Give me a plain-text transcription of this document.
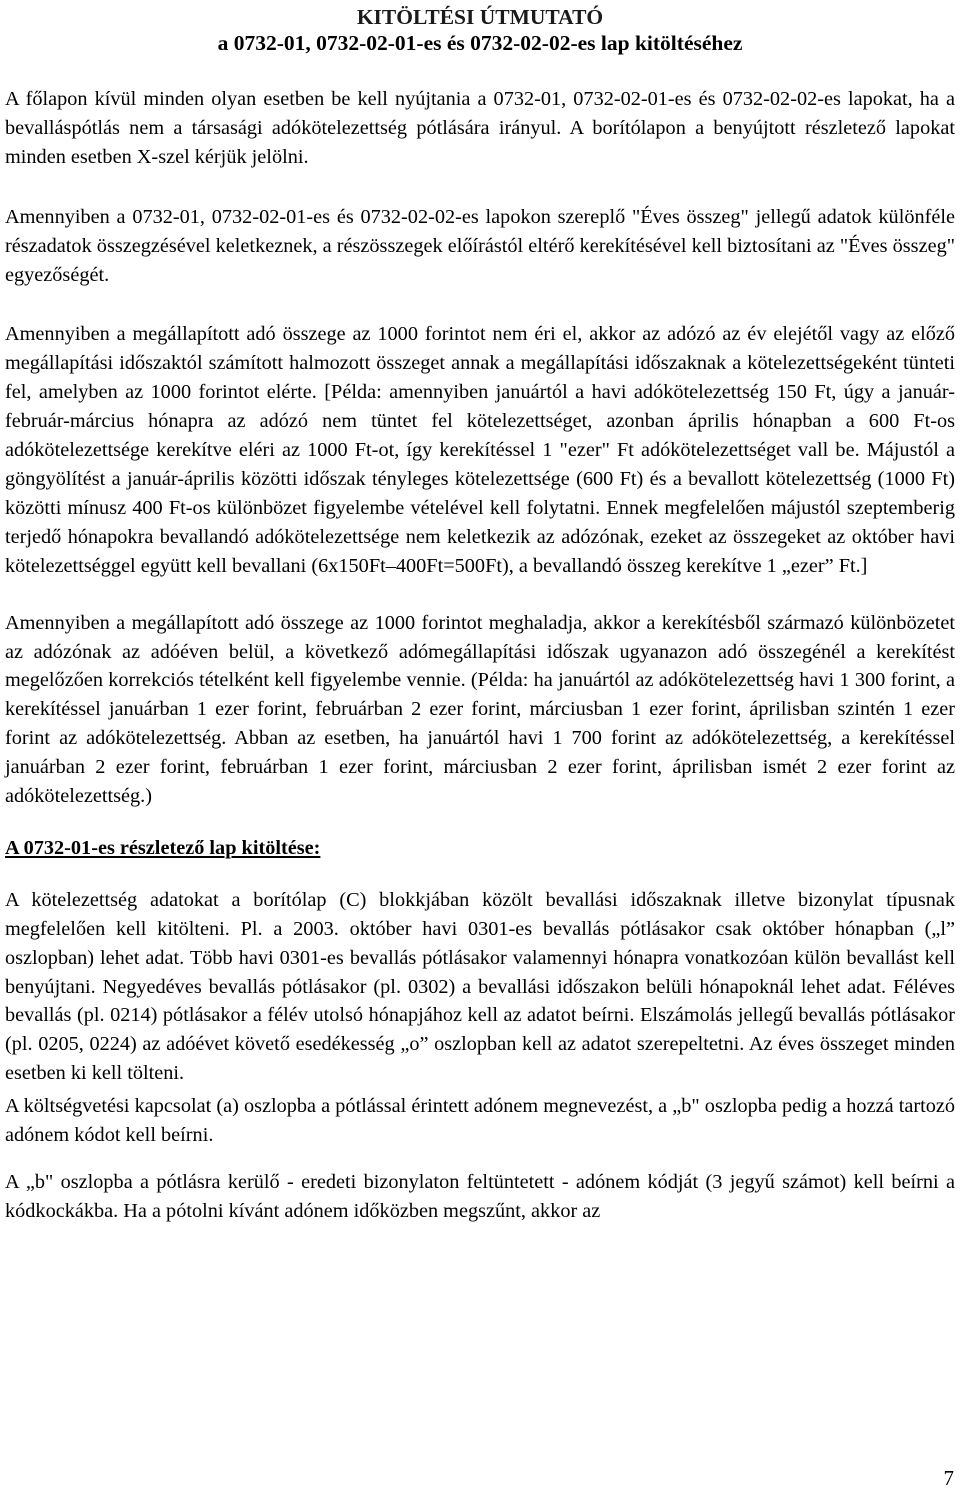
KITÖLTÉSI ÚTMUTATÓ
a 0732-01, 0732-02-01-es és 0732-02-02-es lap kitöltéséhez

A főlapon kívül minden olyan esetben be kell nyújtania a 0732-01, 0732-02-01-es és 0732-02-02-es lapokat, ha a bevalláspótlás nem a társasági adókötelezettség pótlására irányul. A borítólapon a benyújtott részletező lapokat minden esetben X-szel kérjük jelölni.

Amennyiben a 0732-01, 0732-02-01-es és 0732-02-02-es lapokon szereplő "Éves összeg" jellegű adatok különféle részadatok összegzésével keletkeznek, a részösszegek előírástól eltérő kerekítésével kell biztosítani az "Éves összeg" egyezőségét.

Amennyiben a megállapított adó összege az 1000 forintot nem éri el, akkor az adózó az év elejétől vagy az előző megállapítási időszaktól számított halmozott összeget annak a megállapítási időszaknak a kötelezettségeként tünteti fel, amelyben az 1000 forintot elérte. [Példa: amennyiben januártól a havi adókötelezettség 150 Ft, úgy a január-február-március hónapra az adózó nem tüntet fel kötelezettséget, azonban április hónapban a 600 Ft-os adókötelezettsége kerekítve eléri az 1000 Ft-ot, így kerekítéssel 1 "ezer" Ft adókötelezettséget vall be. Májustól a göngyölítést a január-április közötti időszak tényleges kötelezettsége (600 Ft) és a bevallott kötelezettség (1000 Ft) közötti mínusz 400 Ft-os különbözet figyelembe vételével kell folytatni. Ennek megfelelően májustól szeptemberig terjedő hónapokra bevallandó adókötelezettsége nem keletkezik az adózónak, ezeket az összegeket az október havi kötelezettséggel együtt kell bevallani (6x150Ft–400Ft=500Ft), a bevallandó összeg kerekítve 1 „ezer” Ft.]

Amennyiben a megállapított adó összege az 1000 forintot meghaladja, akkor a kerekítésből származó különbözetet az adózónak az adóéven belül, a következő adómegállapítási időszak ugyanazon adó összegénél a kerekítést megelőzően korrekciós tételként kell figyelembe vennie. (Példa: ha januártól az adókötelezettség havi 1 300 forint, a kerekítéssel januárban 1 ezer forint, februárban 2 ezer forint, márciusban 1 ezer forint, áprilisban szintén 1 ezer forint az adókötelezettség. Abban az esetben, ha januártól havi 1 700 forint az adókötelezettség, a kerekítéssel januárban 2 ezer forint, februárban 1 ezer forint, márciusban 2 ezer forint, áprilisban ismét 2 ezer forint az adókötelezettség.)

A 0732-01-es részletező lap kitöltése:

A kötelezettség adatokat a borítólap (C) blokkjában közölt bevallási időszaknak illetve bizonylat típusnak megfelelően kell kitölteni. Pl. a 2003. október havi 0301-es bevallás pótlásakor csak október hónapban („l” oszlopban) lehet adat. Több havi 0301-es bevallás pótlásakor valamennyi hónapra vonatkozóan külön bevallást kell benyújtani. Negyedéves bevallás pótlásakor (pl. 0302) a bevallási időszakon belüli hónapoknál lehet adat. Féléves bevallás (pl. 0214) pótlásakor a félév utolsó hónapjához kell az adatot beírni. Elszámolás jellegű bevallás pótlásakor (pl. 0205, 0224) az adóévet követő esedékesség „o” oszlopban kell az adatot szerepeltetni. Az éves összeget minden esetben ki kell tölteni.

A költségvetési kapcsolat (a) oszlopba a pótlással érintett adónem megnevezést, a „b" oszlopba pedig a hozzá tartozó adónem kódot kell beírni.

A „b" oszlopba a pótlásra kerülő - eredeti bizonylaton feltüntetett - adónem kódját (3 jegyű számot) kell beírni a kódkockákba. Ha a pótolni kívánt adónem időközben megszűnt, akkor az

7
